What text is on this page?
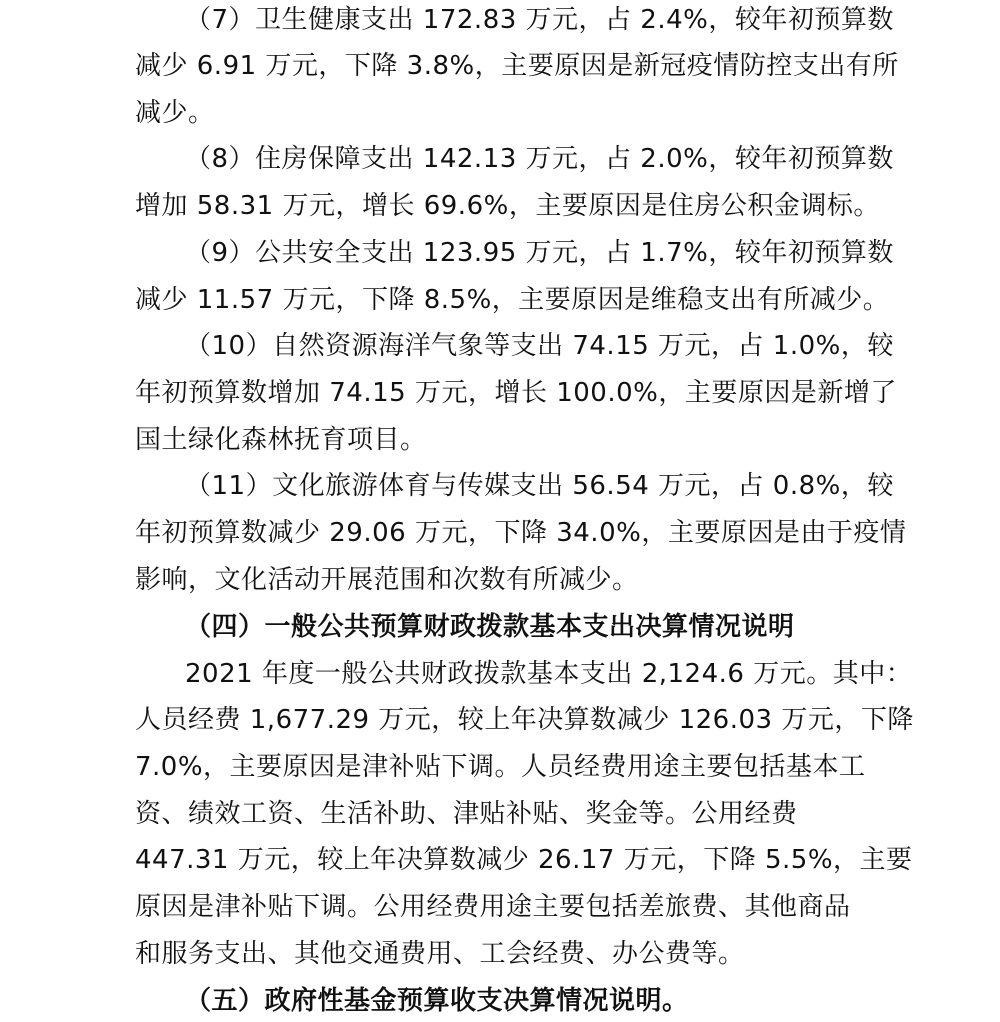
（7）卫生健康支出 172.83 万元，占 2.4%，较年初预算数
减少 6.91 万元，下降 3.8%，主要原因是新冠疫情防控支出有所
减少。
（8）住房保障支出 142.13 万元，占 2.0%，较年初预算数
增加 58.31 万元，增长 69.6%，主要原因是住房公积金调标。
（9）公共安全支出 123.95 万元，占 1.7%，较年初预算数
减少 11.57 万元，下降 8.5%，主要原因是维稳支出有所减少。
（10）自然资源海洋气象等支出 74.15 万元，占 1.0%，较
年初预算数增加 74.15 万元，增长 100.0%，主要原因是新增了
国土绿化森林抚育项目。
（11）文化旅游体育与传媒支出 56.54 万元，占 0.8%，较
年初预算数减少 29.06 万元，下降 34.0%，主要原因是由于疫情
影响，文化活动开展范围和次数有所减少。
（四）一般公共预算财政拨款基本支出决算情况说明
2021 年度一般公共财政拨款基本支出 2,124.6 万元。其中：
人员经费 1,677.29 万元，较上年决算数减少 126.03 万元，下降
7.0%，主要原因是津补贴下调。人员经费用途主要包括基本工
资、绩效工资、生活补助、津贴补贴、奖金等。公用经费
447.31 万元，较上年决算数减少 26.17 万元，下降 5.5%，主要
原因是津补贴下调。公用经费用途主要包括差旅费、其他商品
和服务支出、其他交通费用、工会经费、办公费等。
（五）政府性基金预算收支决算情况说明。
